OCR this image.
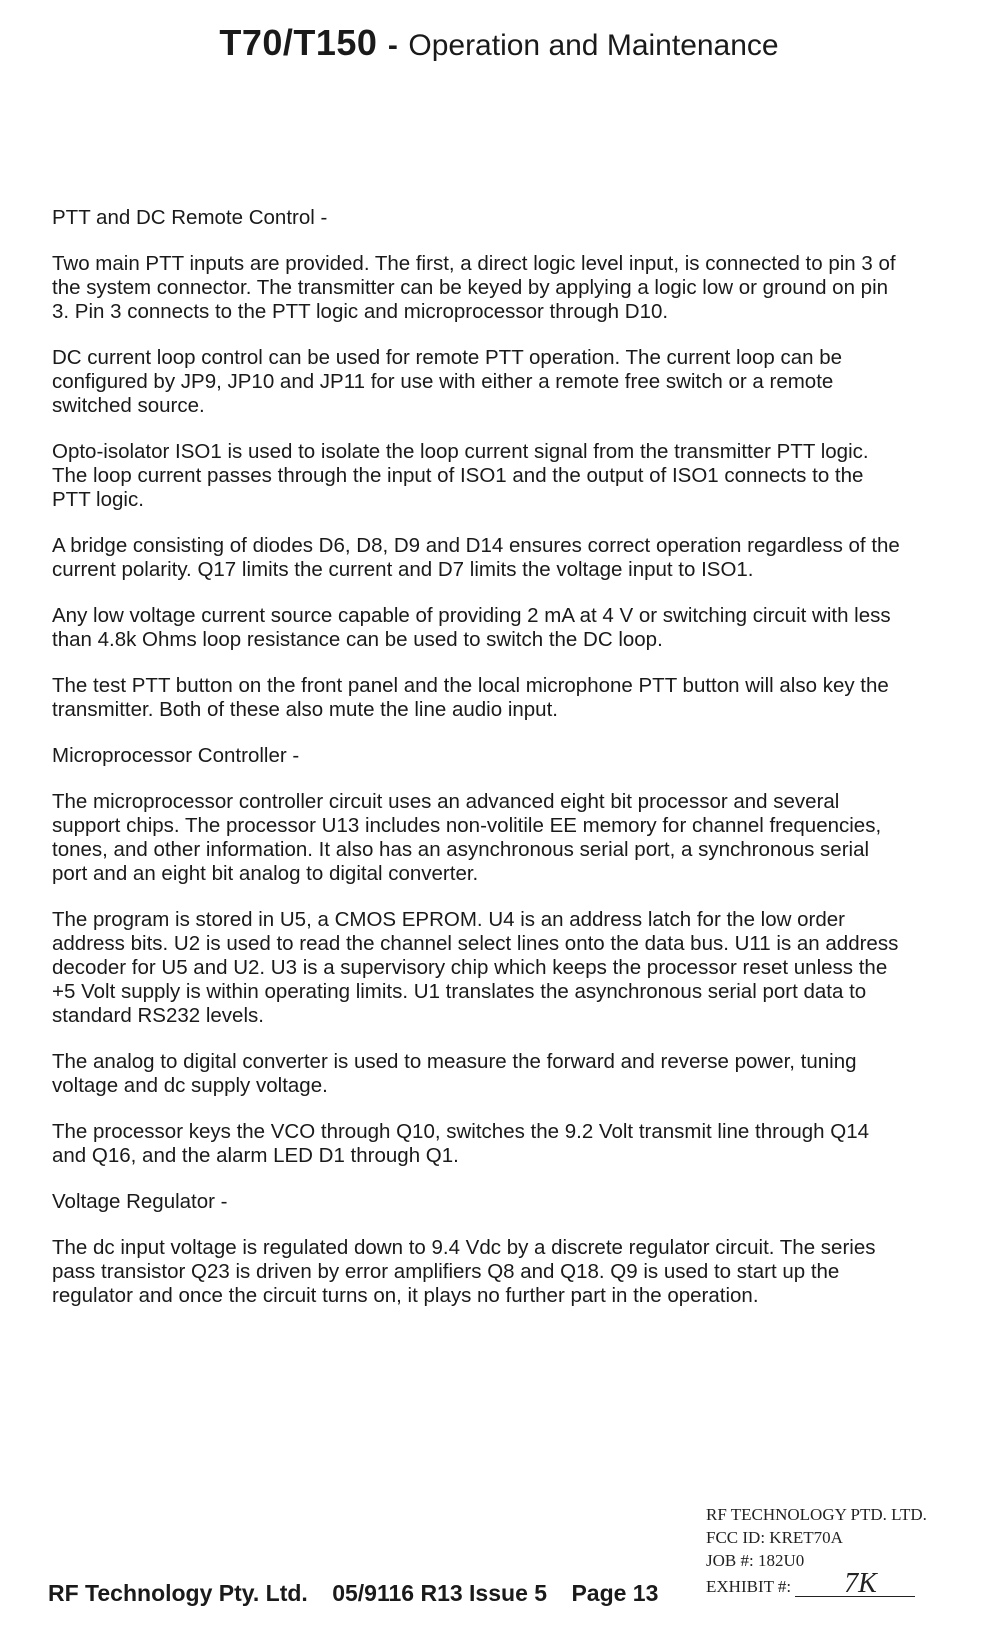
T70/T150 - Operation and Maintenance
PTT and DC Remote Control -

Two main PTT inputs are provided. The first, a direct logic level input, is connected to pin 3 of the system connector. The transmitter can be keyed by applying a logic low or ground on pin 3. Pin 3 connects to the PTT logic and microprocessor through D10.

DC current loop control can be used for remote PTT operation. The current loop can be configured by JP9, JP10 and JP11 for use with either a remote free switch or a remote switched source.

Opto-isolator ISO1 is used to isolate the loop current signal from the transmitter PTT logic. The loop current passes through the input of ISO1 and the output of ISO1 connects to the PTT logic.

A bridge consisting of diodes D6, D8, D9 and D14 ensures correct operation regardless of the current polarity. Q17 limits the current and D7 limits the voltage input to ISO1.

Any low voltage current source capable of providing 2 mA at 4 V or switching circuit with less than 4.8k Ohms loop resistance can be used to switch the DC loop.

The test PTT button on the front panel and the local microphone PTT button will also key the transmitter. Both of these also mute the line audio input.

Microprocessor Controller -

The microprocessor controller circuit uses an advanced eight bit processor and several support chips. The processor U13 includes non-volitile EE memory for channel frequencies, tones, and other information. It also has an asynchronous serial port, a synchronous serial port and an eight bit analog to digital converter.

The program is stored in U5, a CMOS EPROM. U4 is an address latch for the low order address bits. U2 is used to read the channel select lines onto the data bus. U11 is an address decoder for U5 and U2. U3 is a supervisory chip which keeps the processor reset unless the +5 Volt supply is within operating limits. U1 translates the asynchronous serial port data to standard RS232 levels.

The analog to digital converter is used to measure the forward and reverse power, tuning voltage and dc supply voltage.

The processor keys the VCO through Q10, switches the 9.2 Volt transmit line through Q14 and Q16, and the alarm LED D1 through Q1.

Voltage Regulator -

The dc input voltage is regulated down to 9.4 Vdc by a discrete regulator circuit. The series pass transistor Q23 is driven by error amplifiers Q8 and Q18. Q9 is used to start up the regulator and once the circuit turns on, it plays no further part in the operation.

RF TECHNOLOGY PTD. LTD.
FCC ID: KRET70A
JOB #: 182U0
EXHIBIT #: 7K
RF Technology Pty. Ltd. 05/9116 R13 Issue 5 Page 13
